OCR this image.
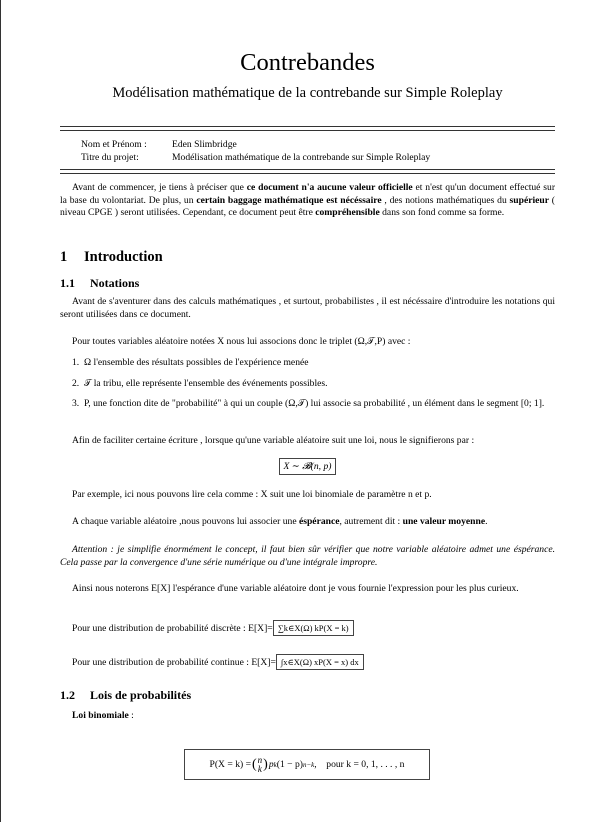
Contrebandes
Modélisation mathématique de la contrebande sur Simple Roleplay
Nom et Prénom :	Eden Slimbridge
Titre du projet:	Modélisation mathématique de la contrebande sur Simple Roleplay

Avant de commencer, je tiens à préciser que ce document n'a aucune valeur officielle et n'est qu'un document effectué sur la base du volontariat. De plus, un certain baggage mathématique est nécéssaire , des notions mathématiques du supérieur ( niveau CPGE ) seront utilisées. Cependant, ce document peut être compréhensible dans son fond comme sa forme.

1 Introduction
1.1 Notations

Avant de s'aventurer dans des calculs mathématiques , et surtout, probabilistes , il est nécéssaire d'introduire les notations qui seront utilisées dans ce document.

Pour toutes variables aléatoire notées X nous lui associons donc le triplet (Ω,𝒯,P) avec :

1. Ω l'ensemble des résultats possibles de l'expérience menée
2. 𝒯 la tribu, elle représente l'ensemble des événements possibles.
3. P, une fonction dite de "probabilité" à qui un couple (Ω,𝒯) lui associe sa probabilité , un élément dans le segment [0; 1].

Afin de faciliter certaine écriture , lorsque qu'une variable aléatoire suit une loi, nous le signifierons par :

X ∼ 𝓑(n, p)

Par exemple, ici nous pouvons lire cela comme : X suit une loi binomiale de paramètre n et p.

A chaque variable aléatoire ,nous pouvons lui associer une éspérance, autrement dit : une valeur moyenne.

Attention : je simplifie énormément le concept, il faut bien sûr vérifier que notre variable aléatoire admet une éspérance. Cela passe par la convergence d'une série numérique ou d'une intégrale impropre.

Ainsi nous noterons E[X] l'espérance d'une variable aléatoire dont je vous fournie l'expression pour les plus curieux.

Pour une distribution de probabilité discrète : E[X]= ∑k∈X(Ω) kP(X = k)

Pour une distribution de probabilité continue : E[X]= ∫x∈X(Ω) xP(X = x) dx

1.2 Lois de probabilités

Loi binomiale :

P(X = k) = ( n
k ) p k (1 − p) n−k ,    pour k = 0, 1, . . . , n
